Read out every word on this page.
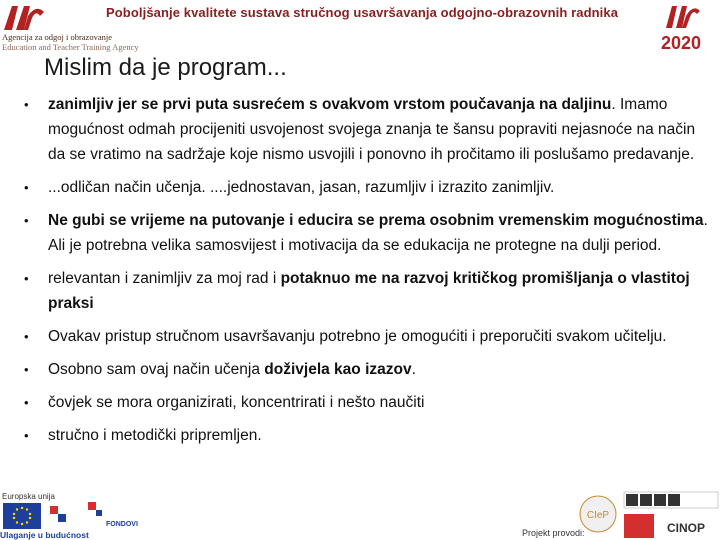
Agencija za odgoj i obrazovanje
Education and Teacher Training Agency
Poboljšanje kvalitete sustava stručnog usavršavanja odgojno-obrazovnih radnika
2020
Mislim da je program...
• zanimljiv jer se prvi puta susrećem s ovakvom vrstom poučavanja na daljinu. Imamo mogućnost odmah procijeniti usvojenost svojega znanja te šansu popraviti nejasnoće na način da se vratimo na sadržaje koje nismo usvojili i ponovno ih pročitamo ili poslušamo predavanje.
• ...odličan način učenja. ....jednostavan, jasan, razumljiv i izrazito zanimljiv.
• Ne gubi se vrijeme na putovanje i educira se prema osobnim vremenskim mogućnostima. Ali je potrebna velika samosvijest i motivacija da se edukacija ne protegne na dulji period.
• relevantan i zanimljiv za moj rad i potaknuo me na razvoj kritičkog promišljanja o vlastitoj praksi
• Ovakav pristup stručnom usavršavanju potrebno je omogućiti i preporučiti svakom učitelju.
• Osobno sam ovaj način učenja doživjela kao izazov.
• čovjek se mora organizirati, koncentrirati i nešto naučiti
• stručno i metodički pripremljen.
Europska unija
Ulaganje u budućnost
FONDOVI
Projekt provodi:
CIeP
CINOP
